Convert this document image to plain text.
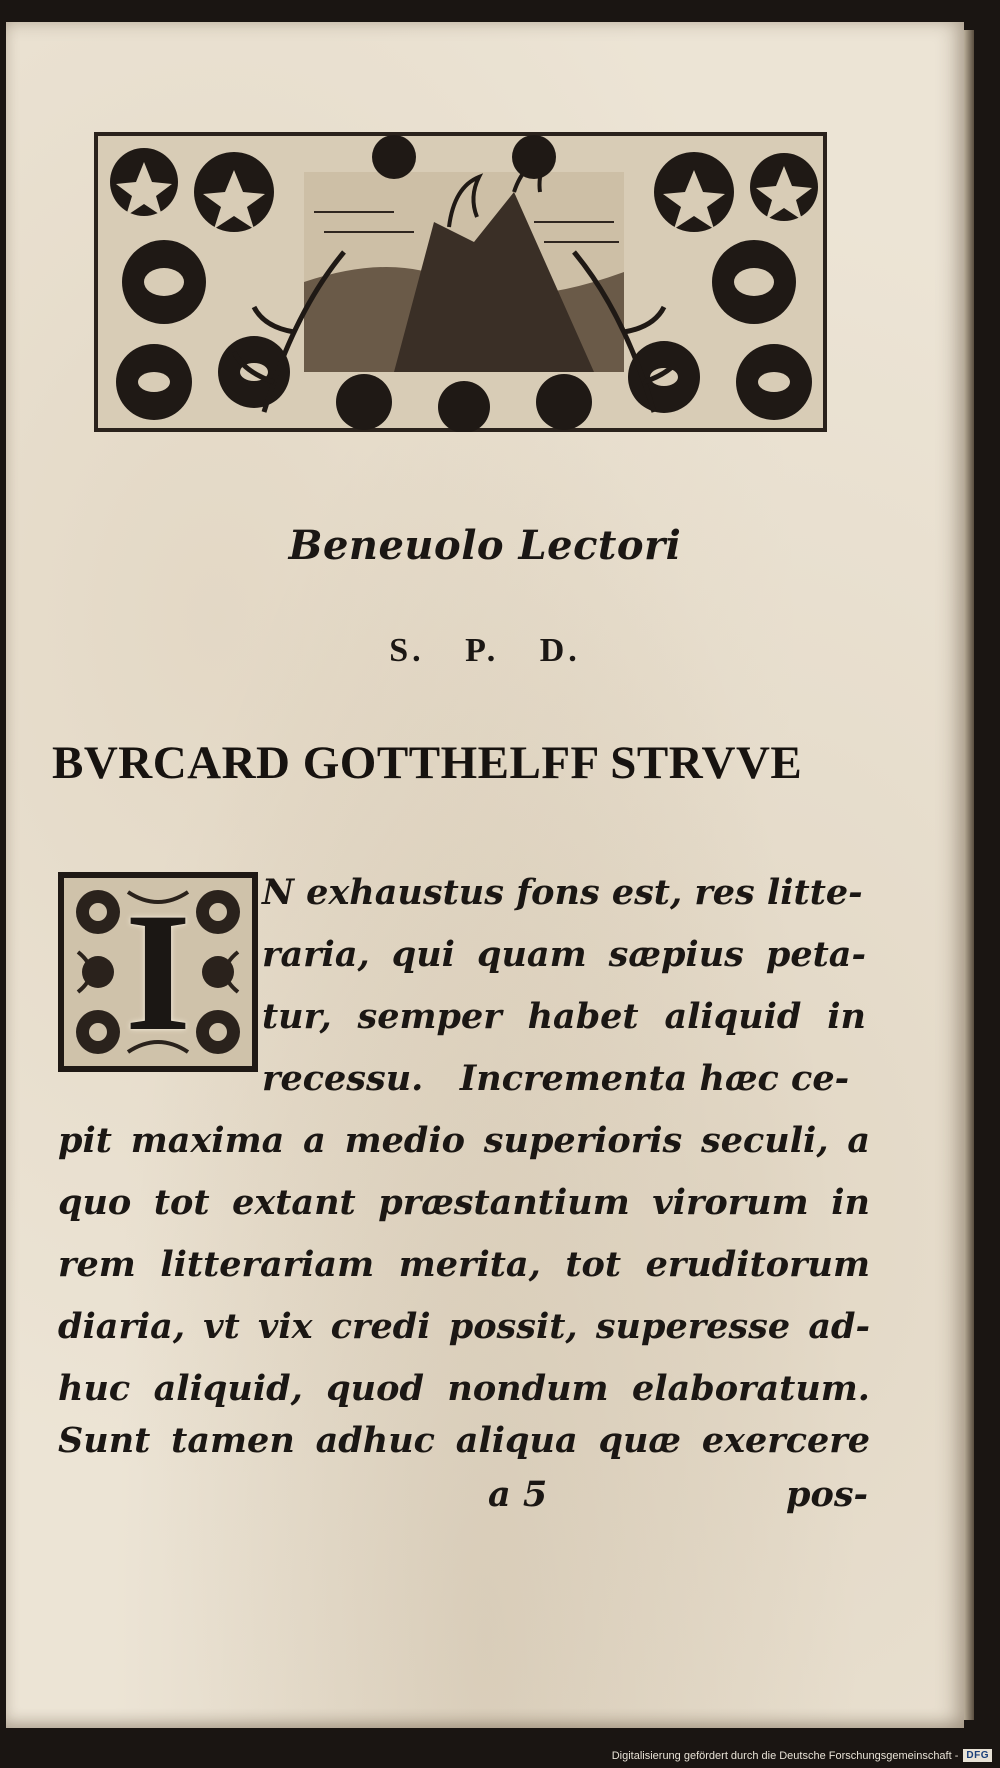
Beneuolo Lectori
S. P. D.
BVRCARD GOTTHELFF STRVVE
I	N exhaustus fons est, res litte-
raria, qui quam sæpius peta-
tur, semper habet aliquid in
recessu.   Incrementa hæc ce-
pit maxima a medio superioris seculi, a
quo tot extant præstantium virorum in
rem litterariam merita, tot eruditorum
diaria, vt vix credi possit, superesse ad-
huc aliquid, quod nondum elaboratum.
Sunt tamen adhuc aliqua quæ exercere
a 5	pos-
Digitalisierung gefördert durch die Deutsche Forschungsgemeinschaft - DFG
